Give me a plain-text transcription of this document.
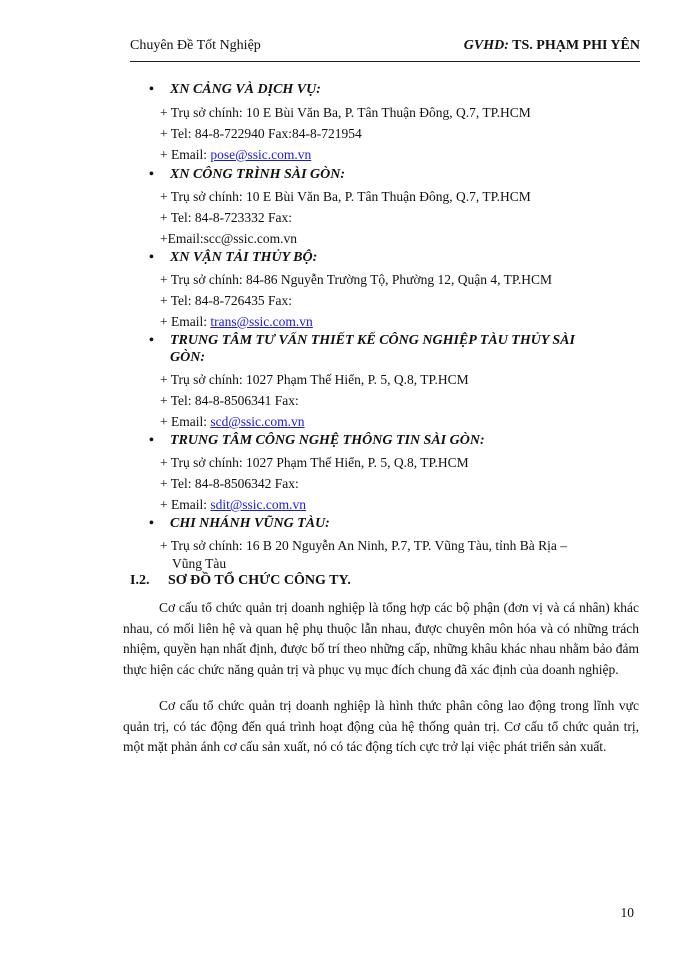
Chuyên Đề Tốt Nghiệp	GVHD: TS. PHẠM PHI YÊN
• XN CẢNG VÀ DỊCH VỤ:
+ Trụ sở chính: 10 E Bùi Văn Ba, P. Tân Thuận Đông, Q.7, TP.HCM
+ Tel: 84-8-722940 Fax:84-8-721954
+ Email: pose@ssic.com.vn
• XN CÔNG TRÌNH SÀI GÒN:
+ Trụ sở chính: 10 E Bùi Văn Ba, P. Tân Thuận Đông, Q.7, TP.HCM
+ Tel: 84-8-723332 Fax:
+Email:scc@ssic.com.vn
• XN VẬN TẢI THỦY BỘ:
+ Trụ sở chính: 84-86 Nguyễn Trường Tộ, Phường 12, Quận 4, TP.HCM
+ Tel: 84-8-726435 Fax:
+ Email: trans@ssic.com.vn
• TRUNG TÂM TƯ VẤN THIẾT KẾ CÔNG NGHIỆP TÀU THỦY SÀI
GÒN:
+ Trụ sở chính: 1027 Phạm Thế Hiển, P. 5, Q.8, TP.HCM
+ Tel: 84-8-8506341 Fax:
+ Email: scd@ssic.com.vn
• TRUNG TÂM CÔNG NGHỆ THÔNG TIN SÀI GÒN:
+ Trụ sở chính: 1027 Phạm Thế Hiển, P. 5, Q.8, TP.HCM
+ Tel: 84-8-8506342 Fax:
+ Email: sdit@ssic.com.vn
• CHI NHÁNH VŨNG TÀU:
+ Trụ sở chính: 16 B 20 Nguyễn An Ninh, P.7, TP. Vũng Tàu, tỉnh Bà Rịa –
Vũng Tàu
I.2. SƠ ĐỒ TỔ CHỨC CÔNG TY.

Cơ cấu tổ chức quản trị doanh nghiệp là tổng hợp các bộ phận (đơn vị và cá nhân) khác nhau, có mối liên hệ và quan hệ phụ thuộc lẫn nhau, được chuyên môn hóa và có những trách nhiệm, quyền hạn nhất định, được bố trí theo những cấp, những khâu khác nhau nhằm bảo đảm thực hiện các chức năng quản trị và phục vụ mục đích chung đã xác định của doanh nghiệp.

Cơ cấu tổ chức quản trị doanh nghiệp là hình thức phân công lao động trong lĩnh vực quản trị, có tác động đến quá trình hoạt động của hệ thống quản trị. Cơ cấu tổ chức quản trị, một mặt phản ánh cơ cấu sản xuất, nó có tác động tích cực trở lại việc phát triển sản xuất.

10
